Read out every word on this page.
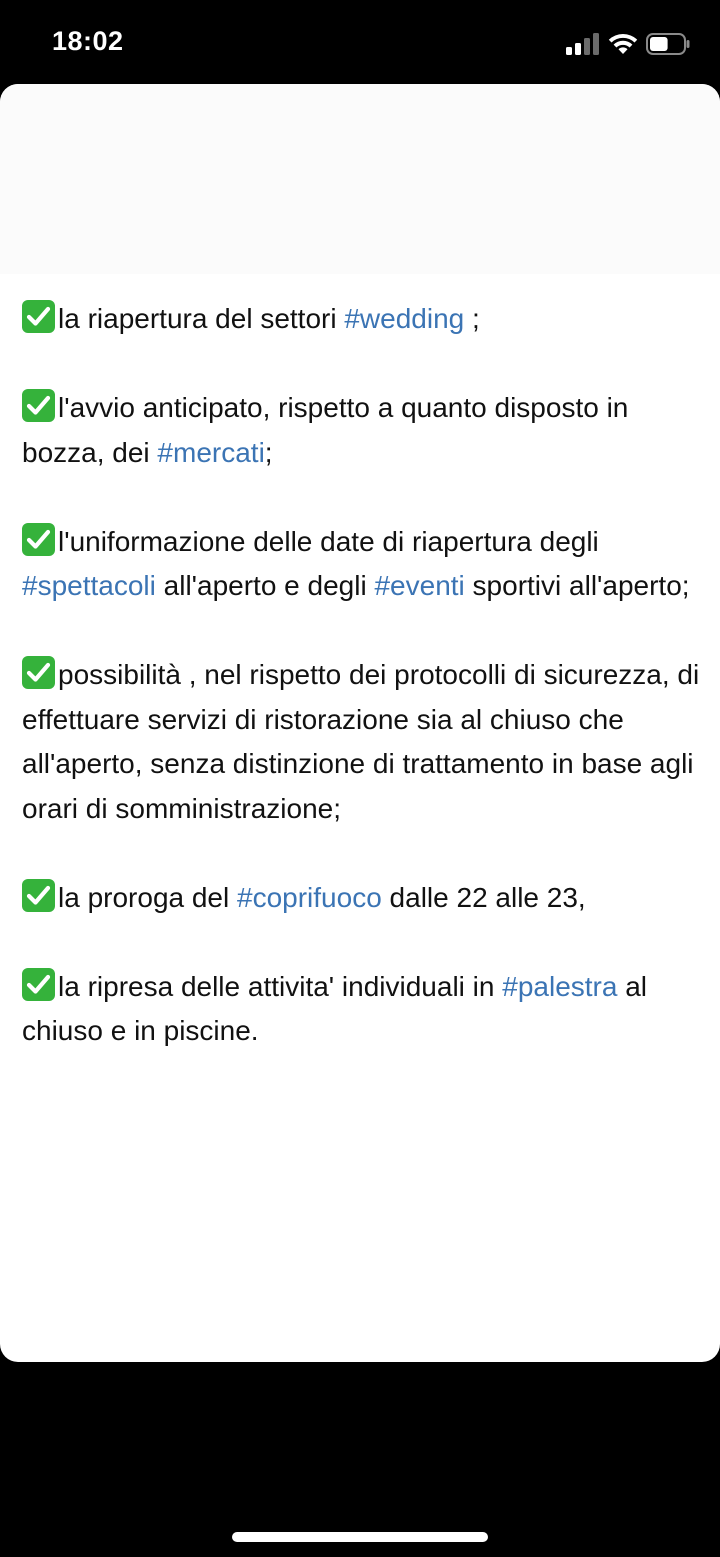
18:02

la riapertura del settori #wedding ;

l'avvio anticipato, rispetto a quanto disposto in bozza, dei #mercati;

l'uniformazione delle date di riapertura degli #spettacoli all'aperto e degli #eventi sportivi all'aperto;

possibilità , nel rispetto dei protocolli di sicurezza, di effettuare servizi di ristorazione sia al chiuso che all'aperto, senza distinzione di trattamento in base agli orari di somministrazione;

la proroga del #coprifuoco dalle 22 alle 23,

la ripresa delle attivita' individuali in #palestra al chiuso e in piscine.
